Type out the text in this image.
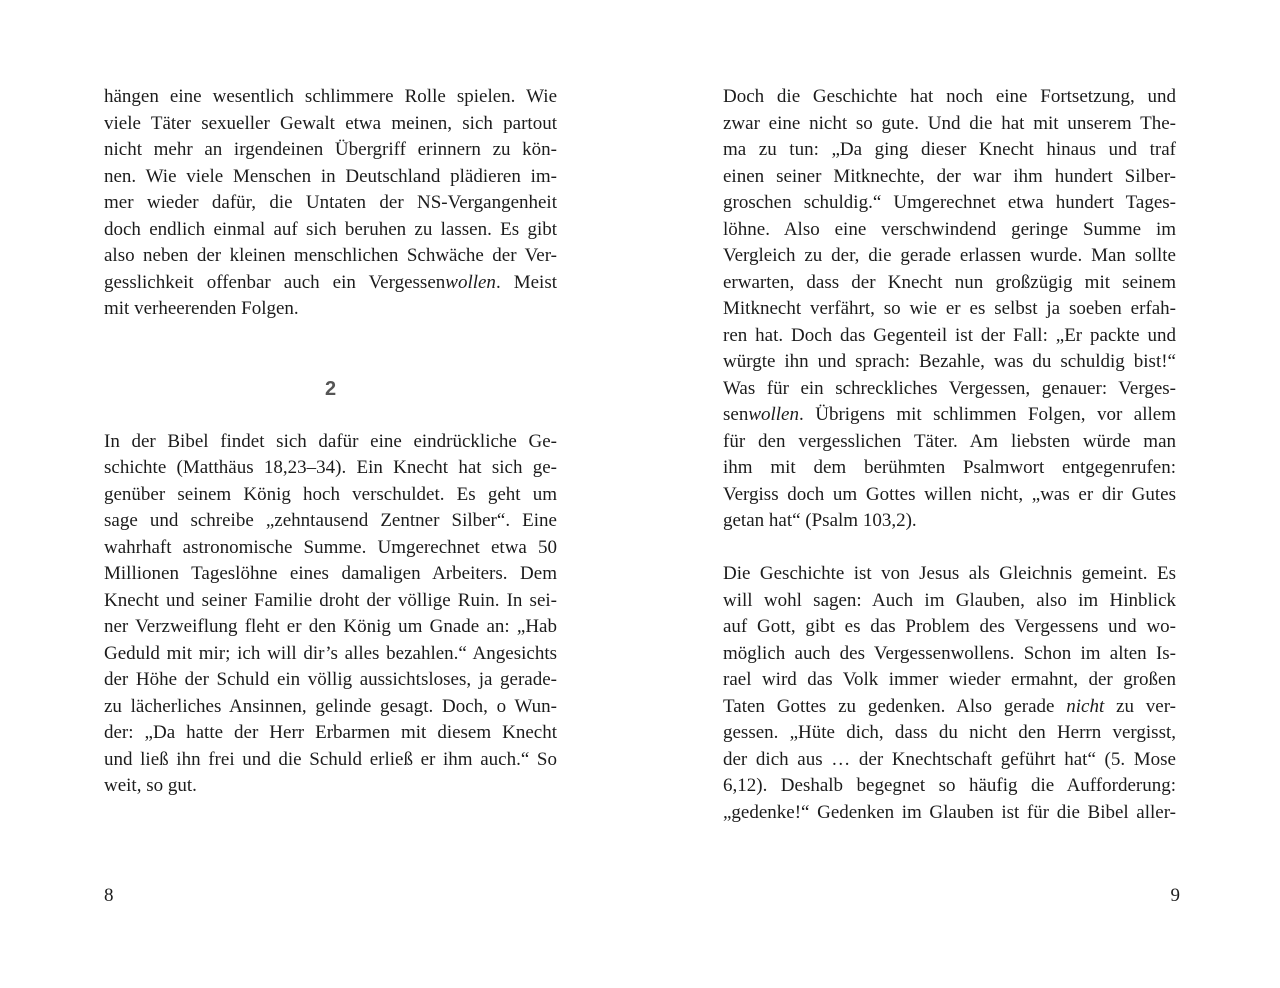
hängen eine wesentlich schlimmere Rolle spielen. Wie
viele Täter sexueller Gewalt etwa meinen, sich partout
nicht mehr an irgendeinen Übergriff erinnern zu kön-
nen. Wie viele Menschen in Deutschland plädieren im-
mer wieder dafür, die Untaten der NS-Vergangenheit
doch endlich einmal auf sich beruhen zu lassen. Es gibt
also neben der kleinen menschlichen Schwäche der Ver-
gesslichkeit offenbar auch ein Vergessenwollen. Meist
mit verheerenden Folgen.
2
In der Bibel findet sich dafür eine eindrückliche Ge-
schichte (Matthäus 18,23–34). Ein Knecht hat sich ge-
genüber seinem König hoch verschuldet. Es geht um
sage und schreibe „zehntausend Zentner Silber“. Eine
wahrhaft astronomische Summe. Umgerechnet etwa 50
Millionen Tageslöhne eines damaligen Arbeiters. Dem
Knecht und seiner Familie droht der völlige Ruin. In sei-
ner Verzweiflung fleht er den König um Gnade an: „Hab
Geduld mit mir; ich will dir’s alles bezahlen.“ Angesichts
der Höhe der Schuld ein völlig aussichtsloses, ja gerade-
zu lächerliches Ansinnen, gelinde gesagt. Doch, o Wun-
der: „Da hatte der Herr Erbarmen mit diesem Knecht
und ließ ihn frei und die Schuld erließ er ihm auch.“ So
weit, so gut.
8
Doch die Geschichte hat noch eine Fortsetzung, und
zwar eine nicht so gute. Und die hat mit unserem The-
ma zu tun: „Da ging dieser Knecht hinaus und traf
einen seiner Mitknechte, der war ihm hundert Silber-
groschen schuldig.“ Umgerechnet etwa hundert Tages-
löhne. Also eine verschwindend geringe Summe im
Vergleich zu der, die gerade erlassen wurde. Man sollte
erwarten, dass der Knecht nun großzügig mit seinem
Mitknecht verfährt, so wie er es selbst ja soeben erfah-
ren hat. Doch das Gegenteil ist der Fall: „Er packte und
würgte ihn und sprach: Bezahle, was du schuldig bist!“
Was für ein schreckliches Vergessen, genauer: Verges-
senwollen. Übrigens mit schlimmen Folgen, vor allem
für den vergesslichen Täter. Am liebsten würde man
ihm mit dem berühmten Psalmwort entgegenrufen:
Vergiss doch um Gottes willen nicht, „was er dir Gutes
getan hat“ (Psalm 103,2).
Die Geschichte ist von Jesus als Gleichnis gemeint. Es
will wohl sagen: Auch im Glauben, also im Hinblick
auf Gott, gibt es das Problem des Vergessens und wo-
möglich auch des Vergessenwollens. Schon im alten Is-
rael wird das Volk immer wieder ermahnt, der großen
Taten Gottes zu gedenken. Also gerade nicht zu ver-
gessen. „Hüte dich, dass du nicht den Herrn vergisst,
der dich aus … der Knechtschaft geführt hat“ (5. Mose
6,12). Deshalb begegnet so häufig die Aufforderung:
„gedenke!“ Gedenken im Glauben ist für die Bibel aller-
9
